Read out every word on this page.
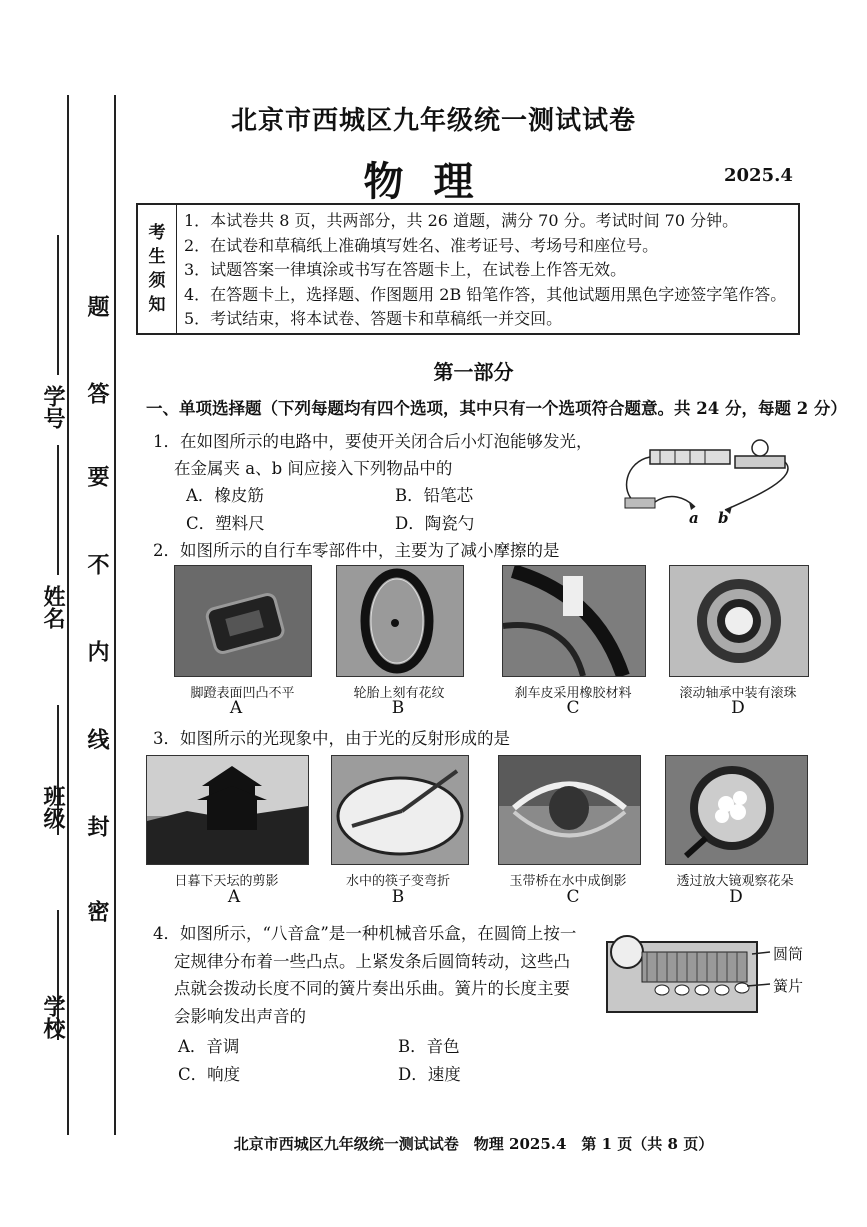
学号
姓名
班级
学校
题
答
要
不
内
线
封
密
北京市西城区九年级统一测试试卷
物理	2025.4
考
生
须
知
1．本试卷共 8 页，共两部分，共 26 道题，满分 70 分。考试时间 70 分钟。
2．在试卷和草稿纸上准确填写姓名、准考证号、考场号和座位号。
3．试题答案一律填涂或书写在答题卡上，在试卷上作答无效。
4．在答题卡上，选择题、作图题用 2B 铅笔作答，其他试题用黑色字迹签字笔作答。
5．考试结束，将本试卷、答题卡和草稿纸一并交回。
第一部分
一、单项选择题（下列每题均有四个选项，其中只有一个选项符合题意。共 24 分，每题 2 分）
1．在如图所示的电路中，要使开关闭合后小灯泡能够发光，
在金属夹 a、b 间应接入下列物品中的
A．橡皮筋	B．铅笔芯
C．塑料尺	D．陶瓷勺	a b
2．如图所示的自行车零部件中，主要为了减小摩擦的是
脚蹬表面凹凸不平	轮胎上刻有花纹	刹车皮采用橡胶材料	滚动轴承中装有滚珠
A	B	C	D
3．如图所示的光现象中，由于光的反射形成的是
日暮下天坛的剪影	水中的筷子变弯折	玉带桥在水中成倒影	透过放大镜观察花朵
A	B	C	D
4．如图所示，“八音盒”是一种机械音乐盒，在圆筒上按一
定规律分布着一些凸点。上紧发条后圆筒转动，这些凸
点就会拨动长度不同的簧片奏出乐曲。簧片的长度主要
会影响发出声音的
A．音调	B．音色
C．响度	D．速度
圆筒
簧片
北京市西城区九年级统一测试试卷　物理 2025.4　第 1 页（共 8 页）
